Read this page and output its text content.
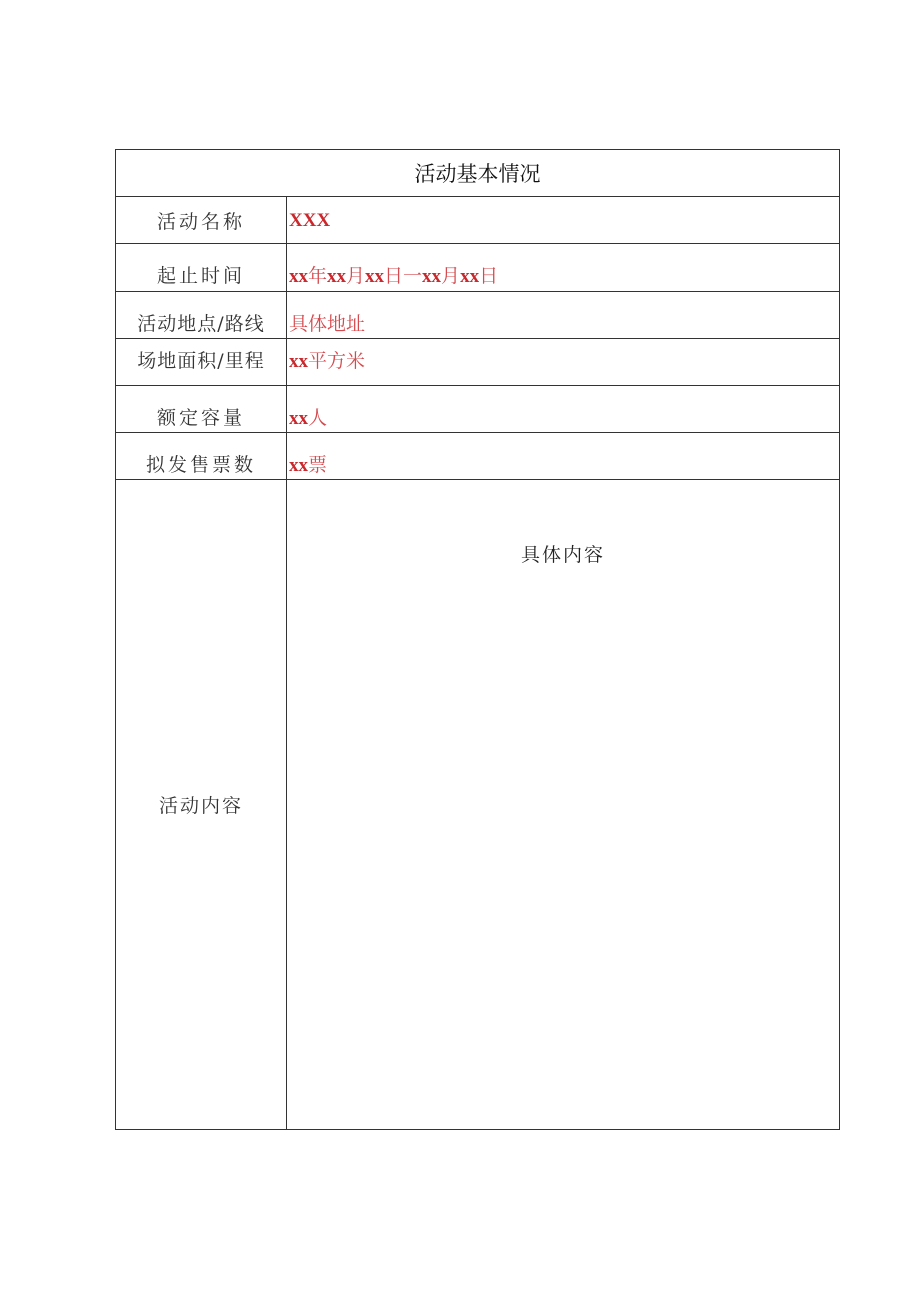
活动基本情况	
活动名称	XXX
起止时间	xx年xx月xx日一xx月xx日
活动地点/路线	具体地址
场地面积/里程	xx平方米
额定容量	xx人
拟发售票数	xx票
活动内容	具体内容
